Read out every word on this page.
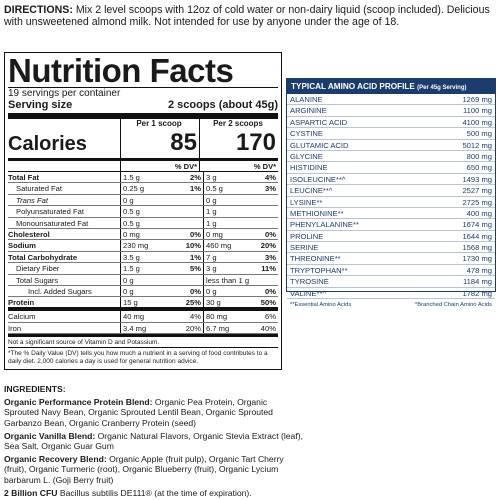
DIRECTIONS: Mix 2 level scoops with 12oz of cold water or non-dairy liquid (scoop included). Delicious with unsweetened almond milk. Not intended for use by anyone under the age of 18.
Nutrition Facts
19 servings per container
Serving size	2 scoops (about 45g)
Calories
Per 1 scoop
85
Per 2 scoops
170
% DV*	% DV*
Total Fat	1.5 g	2% 3 g	4%
Saturated Fat	0.25 g	1% 0.5 g	3%
Trans Fat	0 g	0 g
Polyunsaturated Fat	0.5 g	1 g
Monounsaturated Fat	0.5 g	1 g
Cholesterol	0 mg	0% 0 mg	0%
Sodium	230 mg	10% 460 mg	20%
Total Carbohydrate	3.5 g	1% 7 g	3%
Dietary Fiber	1.5 g	5% 3 g	11%
Total Sugars	0 g	less than 1 g
Incl. Added Sugars	0 g	0% 0 g	0%
Protein	15 g	25% 30 g	50%
Calcium	40 mg	4% 80 mg	6%
Iron	3.4 mg	20% 6.7 mg	40%
Not a significant source of Vitamin D and Potassium.
*The % Daily Value (DV) tells you how much a nutrient in a serving of food contributes to a daily diet. 2,000 calories a day is used for general nutrition advice.
TYPICAL AMINO ACID PROFILE (Per 45g Serving)
ALANINE	1269 mg
ARGININE	1100 mg
ASPARTIC ACID	4100 mg
CYSTINE	500 mg
GLUTAMIC ACID	5012 mg
GLYCINE	800 mg
HISTIDINE	650 mg
ISOLEUCINE**^	1493 mg
LEUCINE**^	2527 mg
LYSINE**	2725 mg
METHIONINE**	400 mg
PHENYLALANINE**	1674 mg
PROLINE	1644 mg
SERINE	1568 mg
THREONINE**	1730 mg
TRYPTOPHAN**	478 mg
TYROSINE	1184 mg
VALINE**^	1782 mg
**Essential Amino Acids	^Branched Chain Amino Acids

INGREDIENTS:

Organic Performance Protein Blend: Organic Pea Protein, Organic Sprouted Navy Bean, Organic Sprouted Lentil Bean, Organic Sprouted Garbanzo Bean, Organic Cranberry Protein (seed)

Organic Vanilla Blend: Organic Natural Flavors, Organic Stevia Extract (leaf), Sea Salt, Organic Guar Gum

Organic Recovery Blend: Organic Apple (fruit pulp), Organic Tart Cherry (fruit), Organic Turmeric (root), Organic Blueberry (fruit), Organic Lycium barbarum L. (Goji Berry fruit)

2 Billion CFU Bacillus subtilis DE111® (at the time of expiration).
